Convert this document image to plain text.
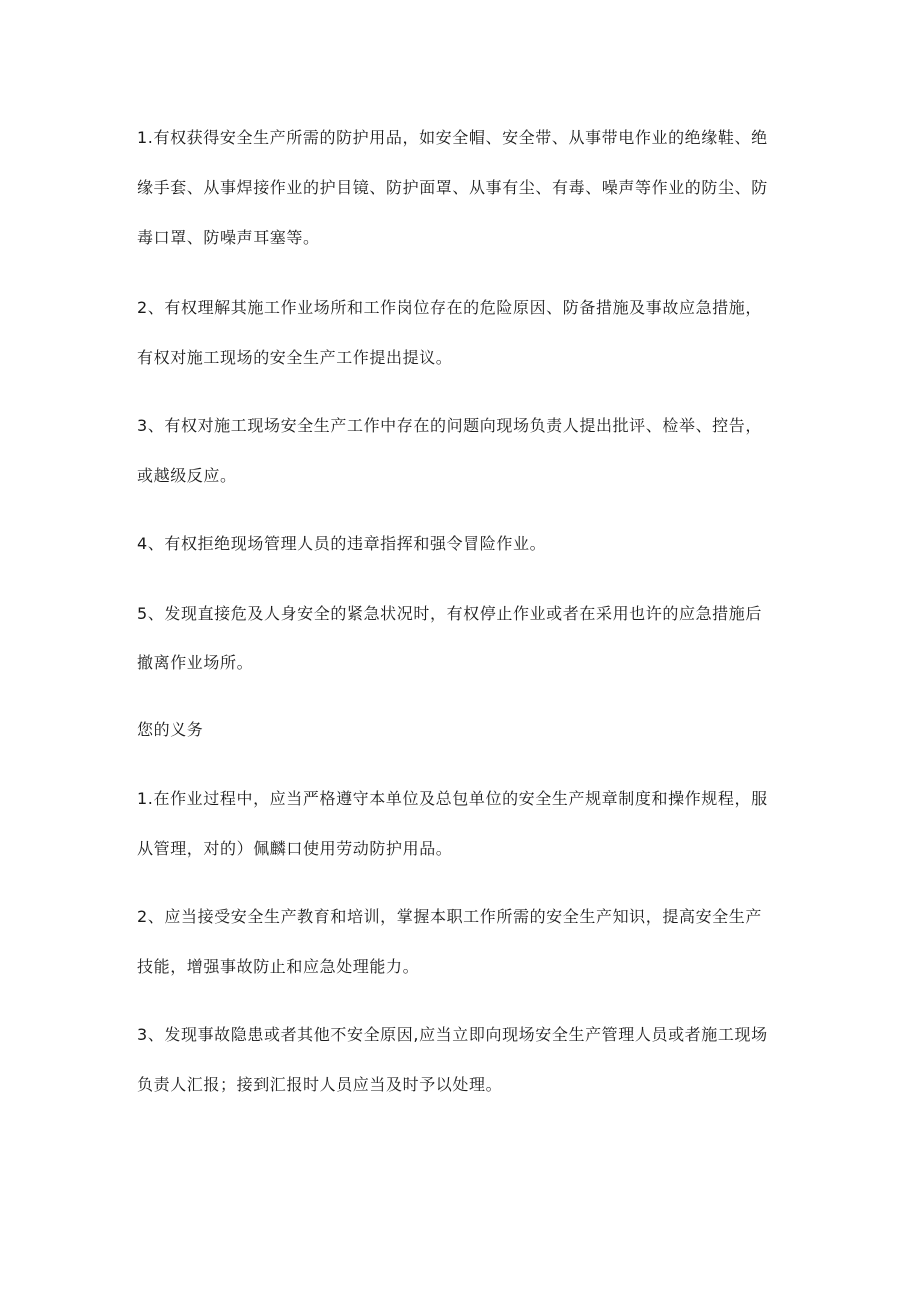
1.有权获得安全生产所需的防护用品，如安全帽、安全带、从事带电作业的绝缘鞋、绝
缘手套、从事焊接作业的护目镜、防护面罩、从事有尘、有毒、噪声等作业的防尘、防
毒口罩、防噪声耳塞等。
2、有权理解其施工作业场所和工作岗位存在的危险原因、防备措施及事故应急措施，
有权对施工现场的安全生产工作提出提议。
3、有权对施工现场安全生产工作中存在的问题向现场负责人提出批评、检举、控告，
或越级反应。
4、有权拒绝现场管理人员的违章指挥和强令冒险作业。
5、发现直接危及人身安全的紧急状况时，有权停止作业或者在采用也许的应急措施后
撤离作业场所。
您的义务
1.在作业过程中，应当严格遵守本单位及总包单位的安全生产规章制度和操作规程，服
从管理，对的）佩麟口使用劳动防护用品。
2、应当接受安全生产教育和培训，掌握本职工作所需的安全生产知识，提高安全生产
技能，增强事故防止和应急处理能力。
3、发现事故隐患或者其他不安全原因,应当立即向现场安全生产管理人员或者施工现场
负责人汇报；接到汇报时人员应当及时予以处理。
